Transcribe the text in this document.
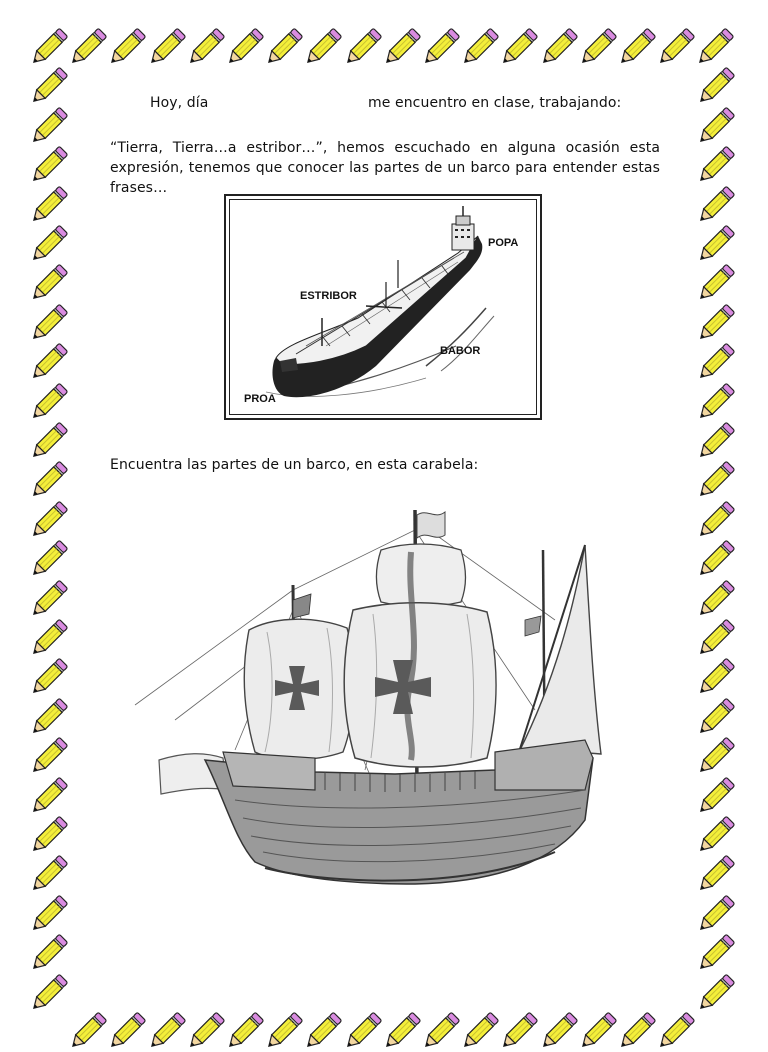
Hoy, día	me encuentro en clase, trabajando:
“Tierra, Tierra…a estribor…”, hemos escuchado en alguna ocasión esta expresión, tenemos que conocer las partes de un barco para entender estas frases…
POPA
ESTRIBOR
BABOR
PROA
Encuentra las partes de un barco, en esta carabela:
